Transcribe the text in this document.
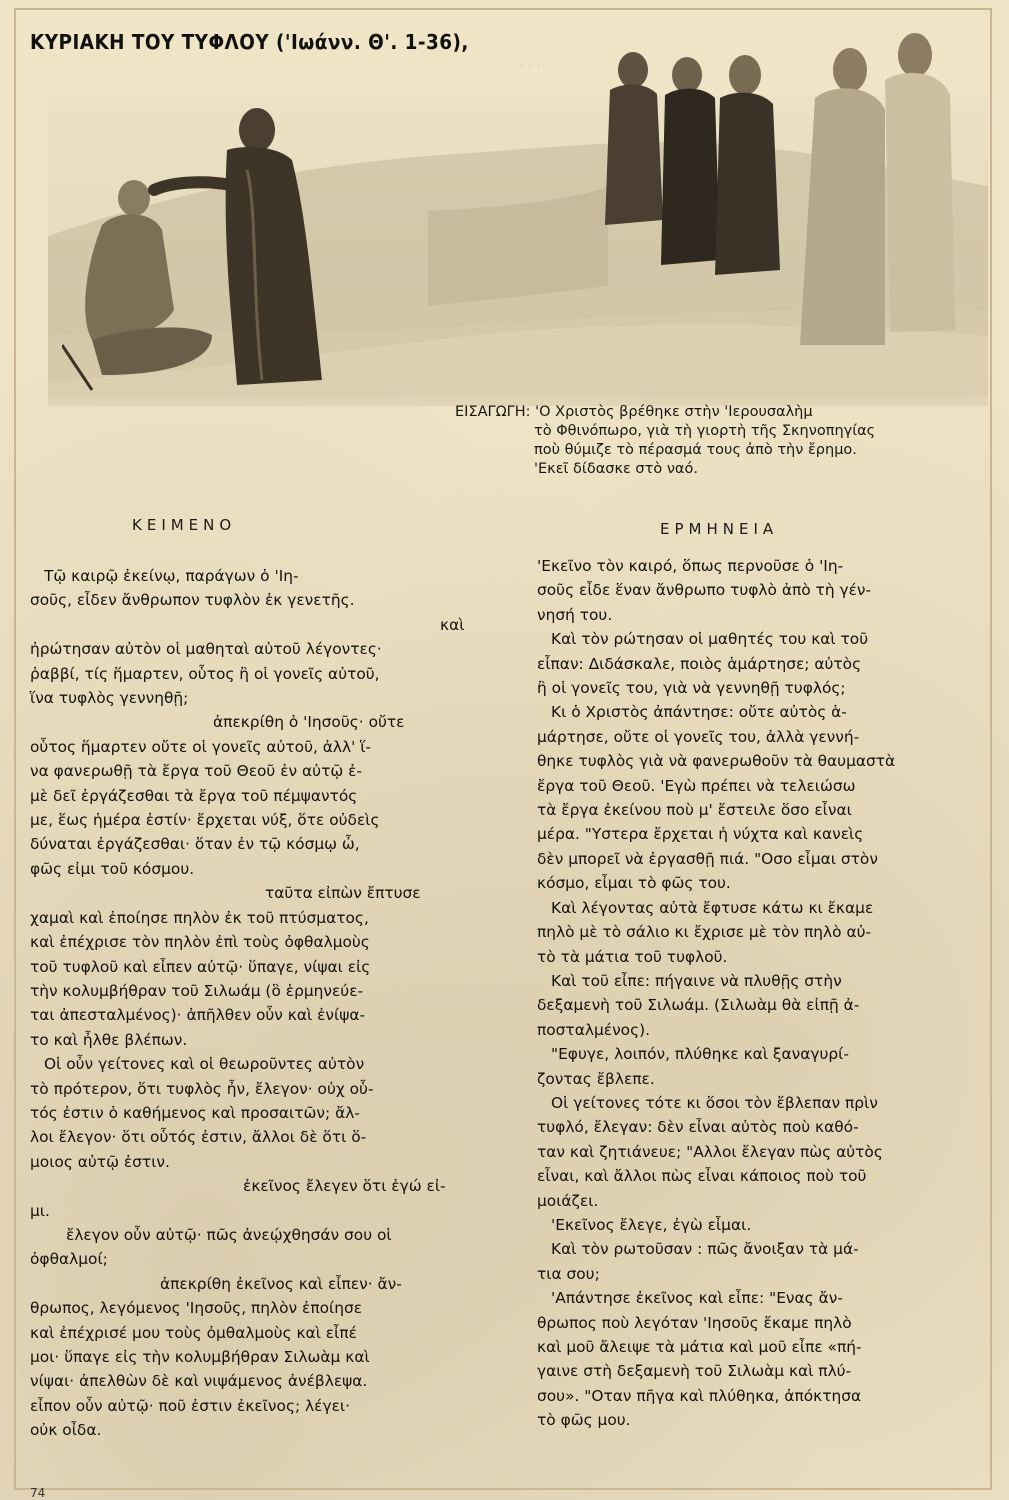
· · ·
ΚΥΡΙΑΚΗ ΤΟΥ ΤΥΦΛΟΥ ('Ιωάνν. Θ'. 1-36),
ΕΙΣΑΓΩΓΗ: 'Ο Χριστὸς βρέθηκε στὴν 'Ιερουσαλὴμ
τὸ Φθινόπωρο, γιὰ τὴ γιορτὴ τῆς Σκηνοπηγίας
ποὺ θύμιζε τὸ πέρασμά τους ἀπὸ τὴν ἔρημο.
'Εκεῖ δίδασκε στὸ ναό.
ΚΕΙΜΕΝΟ	ΕΡΜΗΝΕΙΑ
Τῷ καιρῷ ἐκείνῳ, παράγων ὁ 'Ιη-
σοῦς, εἶδεν ἄνθρωπον τυφλὸν ἐκ γενετῆς.
καὶ
ἠρώτησαν αὐτὸν οἱ μαθηταὶ αὐτοῦ λέγοντες·
ῥαββί, τίς ἥμαρτεν, οὗτος ἢ οἱ γονεῖς αὐτοῦ,
ἵνα τυφλὸς γεννηθῇ;
ἀπεκρίθη ὁ 'Ιησοῦς· οὔτε
οὗτος ἥμαρτεν οὔτε οἱ γονεῖς αὐτοῦ, ἀλλ' ἵ-
να φανερωθῇ τὰ ἔργα τοῦ Θεοῦ ἐν αὐτῷ ἐ-
μὲ δεῖ ἐργάζεσθαι τὰ ἔργα τοῦ πέμψαντός
με, ἕως ἡμέρα ἐστίν· ἔρχεται νύξ, ὅτε οὐδεὶς
δύναται ἐργάζεσθαι· ὅταν ἐν τῷ κόσμῳ ὦ,
φῶς εἰμι τοῦ κόσμου.
ταῦτα εἰπὼν ἔπτυσε
χαμαὶ καὶ ἐποίησε πηλὸν ἐκ τοῦ πτύσματος,
καὶ ἐπέχρισε τὸν πηλὸν ἐπὶ τοὺς ὀφθαλμοὺς
τοῦ τυφλοῦ καὶ εἶπεν αὐτῷ· ὕπαγε, νίψαι εἰς
τὴν κολυμβήθραν τοῦ Σιλωάμ (ὃ ἑρμηνεύε-
ται ἀπεσταλμένος)· ἀπῆλθεν οὖν καὶ ἐνίψα-
το καὶ ἦλθε βλέπων.
Οἱ οὖν γείτονες καὶ οἱ θεωροῦντες αὐτὸν
τὸ πρότερον, ὅτι τυφλὸς ἦν, ἔλεγον· οὐχ οὗ-
τός ἐστιν ὁ καθήμενος καὶ προσαιτῶν; ἄλ-
λοι ἔλεγον· ὅτι οὗτός ἐστιν, ἄλλοι δὲ ὅτι ὅ-
μοιος αὐτῷ ἐστιν.
ἐκεῖνος ἔλεγεν ὅτι ἐγώ εἰ-
μι.
ἔλεγον οὖν αὐτῷ· πῶς ἀνεῴχθησάν σου οἱ
ὀφθαλμοί;
ἀπεκρίθη ἐκεῖνος καὶ εἶπεν· ἄν-
θρωπος, λεγόμενος 'Ιησοῦς, πηλὸν ἐποίησε
καὶ ἐπέχρισέ μου τοὺς ὀμθαλμοὺς καὶ εἶπέ
μοι· ὕπαγε εἰς τὴν κολυμβήθραν Σιλωὰμ καὶ
νίψαι· ἀπελθὼν δὲ καὶ νιψάμενος ἀνέβλεψα.
εἶπον οὖν αὐτῷ· ποῦ ἐστιν ἐκεῖνος; λέγει·
οὐκ οἶδα.
'Εκεῖνο τὸν καιρό, ὅπως περνοῦσε ὁ 'Ιη-
σοῦς εἶδε ἕναν ἄνθρωπο τυφλὸ ἀπὸ τὴ γέν-
νησή του.
Καὶ τὸν ρώτησαν οἱ μαθητές του καὶ τοῦ
εἶπαν: Διδάσκαλε, ποιὸς ἁμάρτησε; αὐτὸς
ἢ οἱ γονεῖς του, γιὰ νὰ γεννηθῇ τυφλός;
Κι ὁ Χριστὸς ἀπάντησε: οὔτε αὐτὸς ἁ-
μάρτησε, οὔτε οἱ γονεῖς του, ἀλλὰ γεννή-
θηκε τυφλὸς γιὰ νὰ φανερωθοῦν τὰ θαυμαστὰ
ἔργα τοῦ Θεοῦ. 'Εγὼ πρέπει νὰ τελειώσω
τὰ ἔργα ἐκείνου ποὺ μ' ἔστειλε ὅσο εἶναι
μέρα. "Υστερα ἔρχεται ἡ νύχτα καὶ κανεὶς
δὲν μπορεῖ νὰ ἐργασθῇ πιά. "Οσο εἶμαι στὸν
κόσμο, εἶμαι τὸ φῶς του.
Καὶ λέγοντας αὐτὰ ἔφτυσε κάτω κι ἔκαμε
πηλὸ μὲ τὸ σάλιο κι ἔχρισε μὲ τὸν πηλὸ αὐ-
τὸ τὰ μάτια τοῦ τυφλοῦ.
Καὶ τοῦ εἶπε: πήγαινε νὰ πλυθῇς στὴν
δεξαμενὴ τοῦ Σιλωάμ. (Σιλωὰμ θὰ εἰπῇ ἀ-
ποσταλμένος).
"Εφυγε, λοιπόν, πλύθηκε καὶ ξαναγυρί-
ζοντας ἔβλεπε.
Οἱ γείτονες τότε κι ὅσοι τὸν ἔβλεπαν πρὶν
τυφλό, ἔλεγαν: δὲν εἶναι αὐτὸς ποὺ καθό-
ταν καὶ ζητιάνευε; "Αλλοι ἔλεγαν πὼς αὐτὸς
εἶναι, καὶ ἄλλοι πὼς εἶναι κάποιος ποὺ τοῦ
μοιάζει.
'Εκεῖνος ἔλεγε, ἐγὼ εἶμαι.
Καὶ τὸν ρωτοῦσαν : πῶς ἄνοιξαν τὰ μά-
τια σου;
'Απάντησε ἐκεῖνος καὶ εἶπε: "Ενας ἄν-
θρωπος ποὺ λεγόταν 'Ιησοῦς ἔκαμε πηλὸ
καὶ μοῦ ἄλειψε τὰ μάτια καὶ μοῦ εἶπε «πή-
γαινε στὴ δεξαμενὴ τοῦ Σιλωὰμ καὶ πλύ-
σου». "Οταν πῆγα καὶ πλύθηκα, ἀπόκτησα
τὸ φῶς μου.
74
